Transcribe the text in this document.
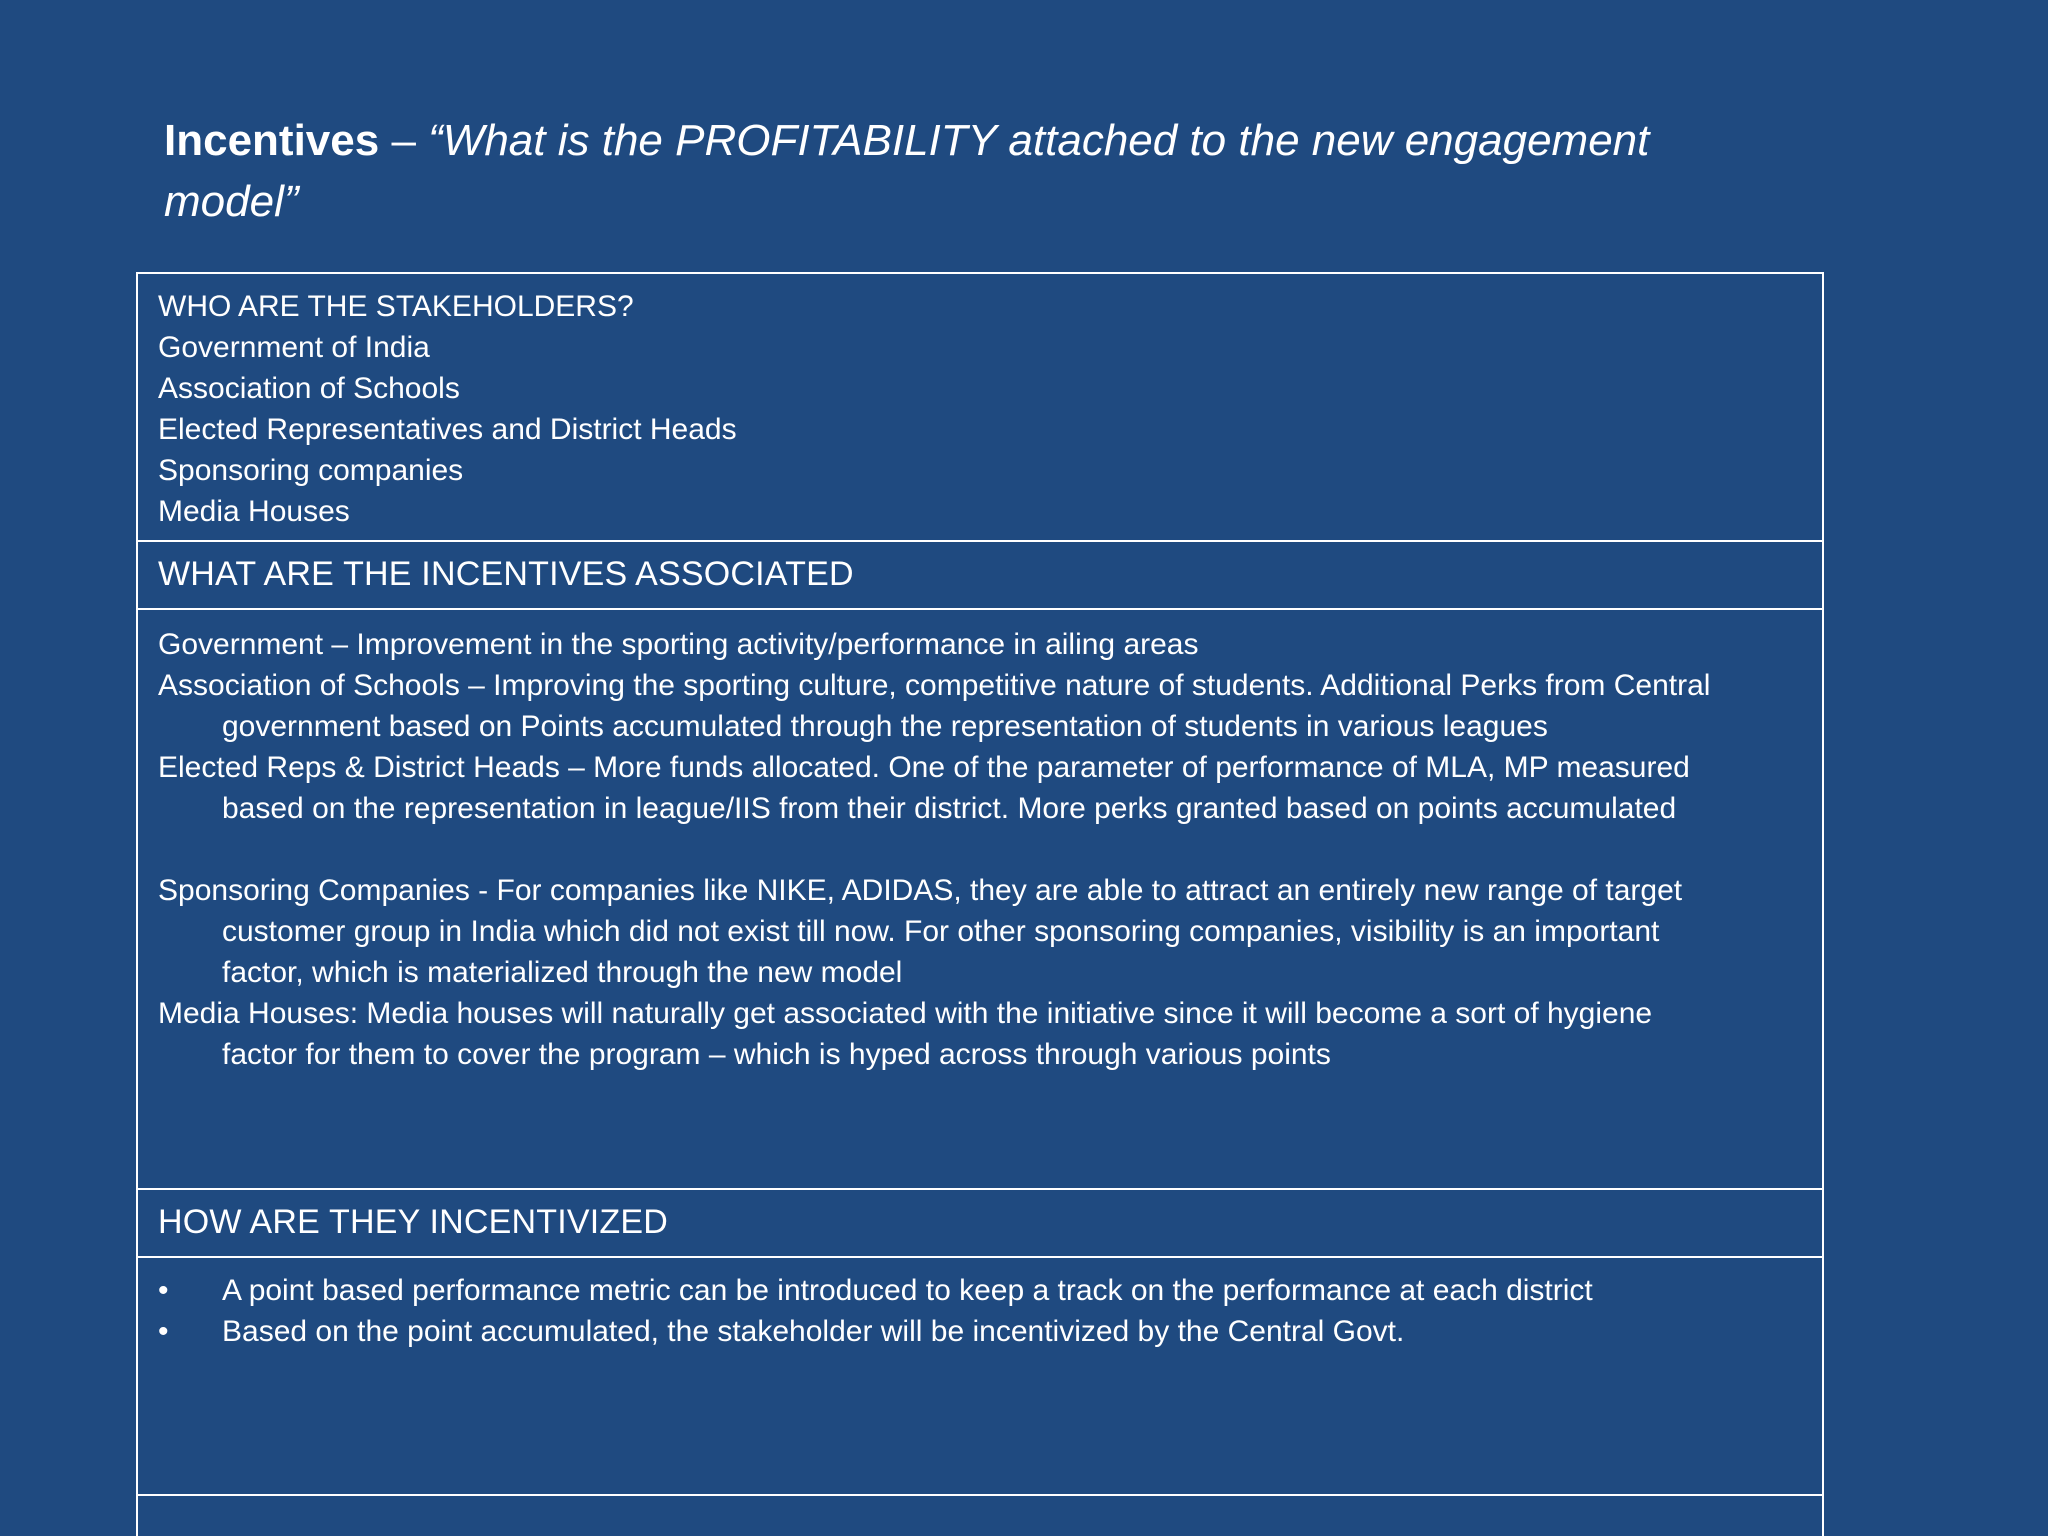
Incentives – “What is the PROFITABILITY attached to the new engagement model”
WHO ARE THE STAKEHOLDERS?
Government of India
Association of Schools
Elected Representatives and District Heads
Sponsoring companies
Media Houses
WHAT ARE THE INCENTIVES ASSOCIATED
Government – Improvement in the sporting activity/performance in ailing areas
Association of Schools – Improving the sporting culture, competitive nature of students. Additional Perks from Central
government based on Points accumulated through the representation of students in various leagues
Elected Reps & District Heads – More funds allocated. One of the parameter of performance of MLA, MP measured
based on the representation in league/IIS from their district. More perks granted based on points accumulated
Sponsoring Companies - For companies like NIKE, ADIDAS, they are able to attract an entirely new range of target
customer group in India which did not exist till now. For other sponsoring companies, visibility is an important
factor, which is materialized through the new model
Media Houses: Media houses will naturally get associated with the initiative since it will become a sort of hygiene
factor for them to cover the program – which is hyped across through various points
HOW ARE THEY INCENTIVIZED
•	A point based performance metric can be introduced to keep a track on the performance at each district
•	Based on the point accumulated, the stakeholder will be incentivized by the Central Govt.
